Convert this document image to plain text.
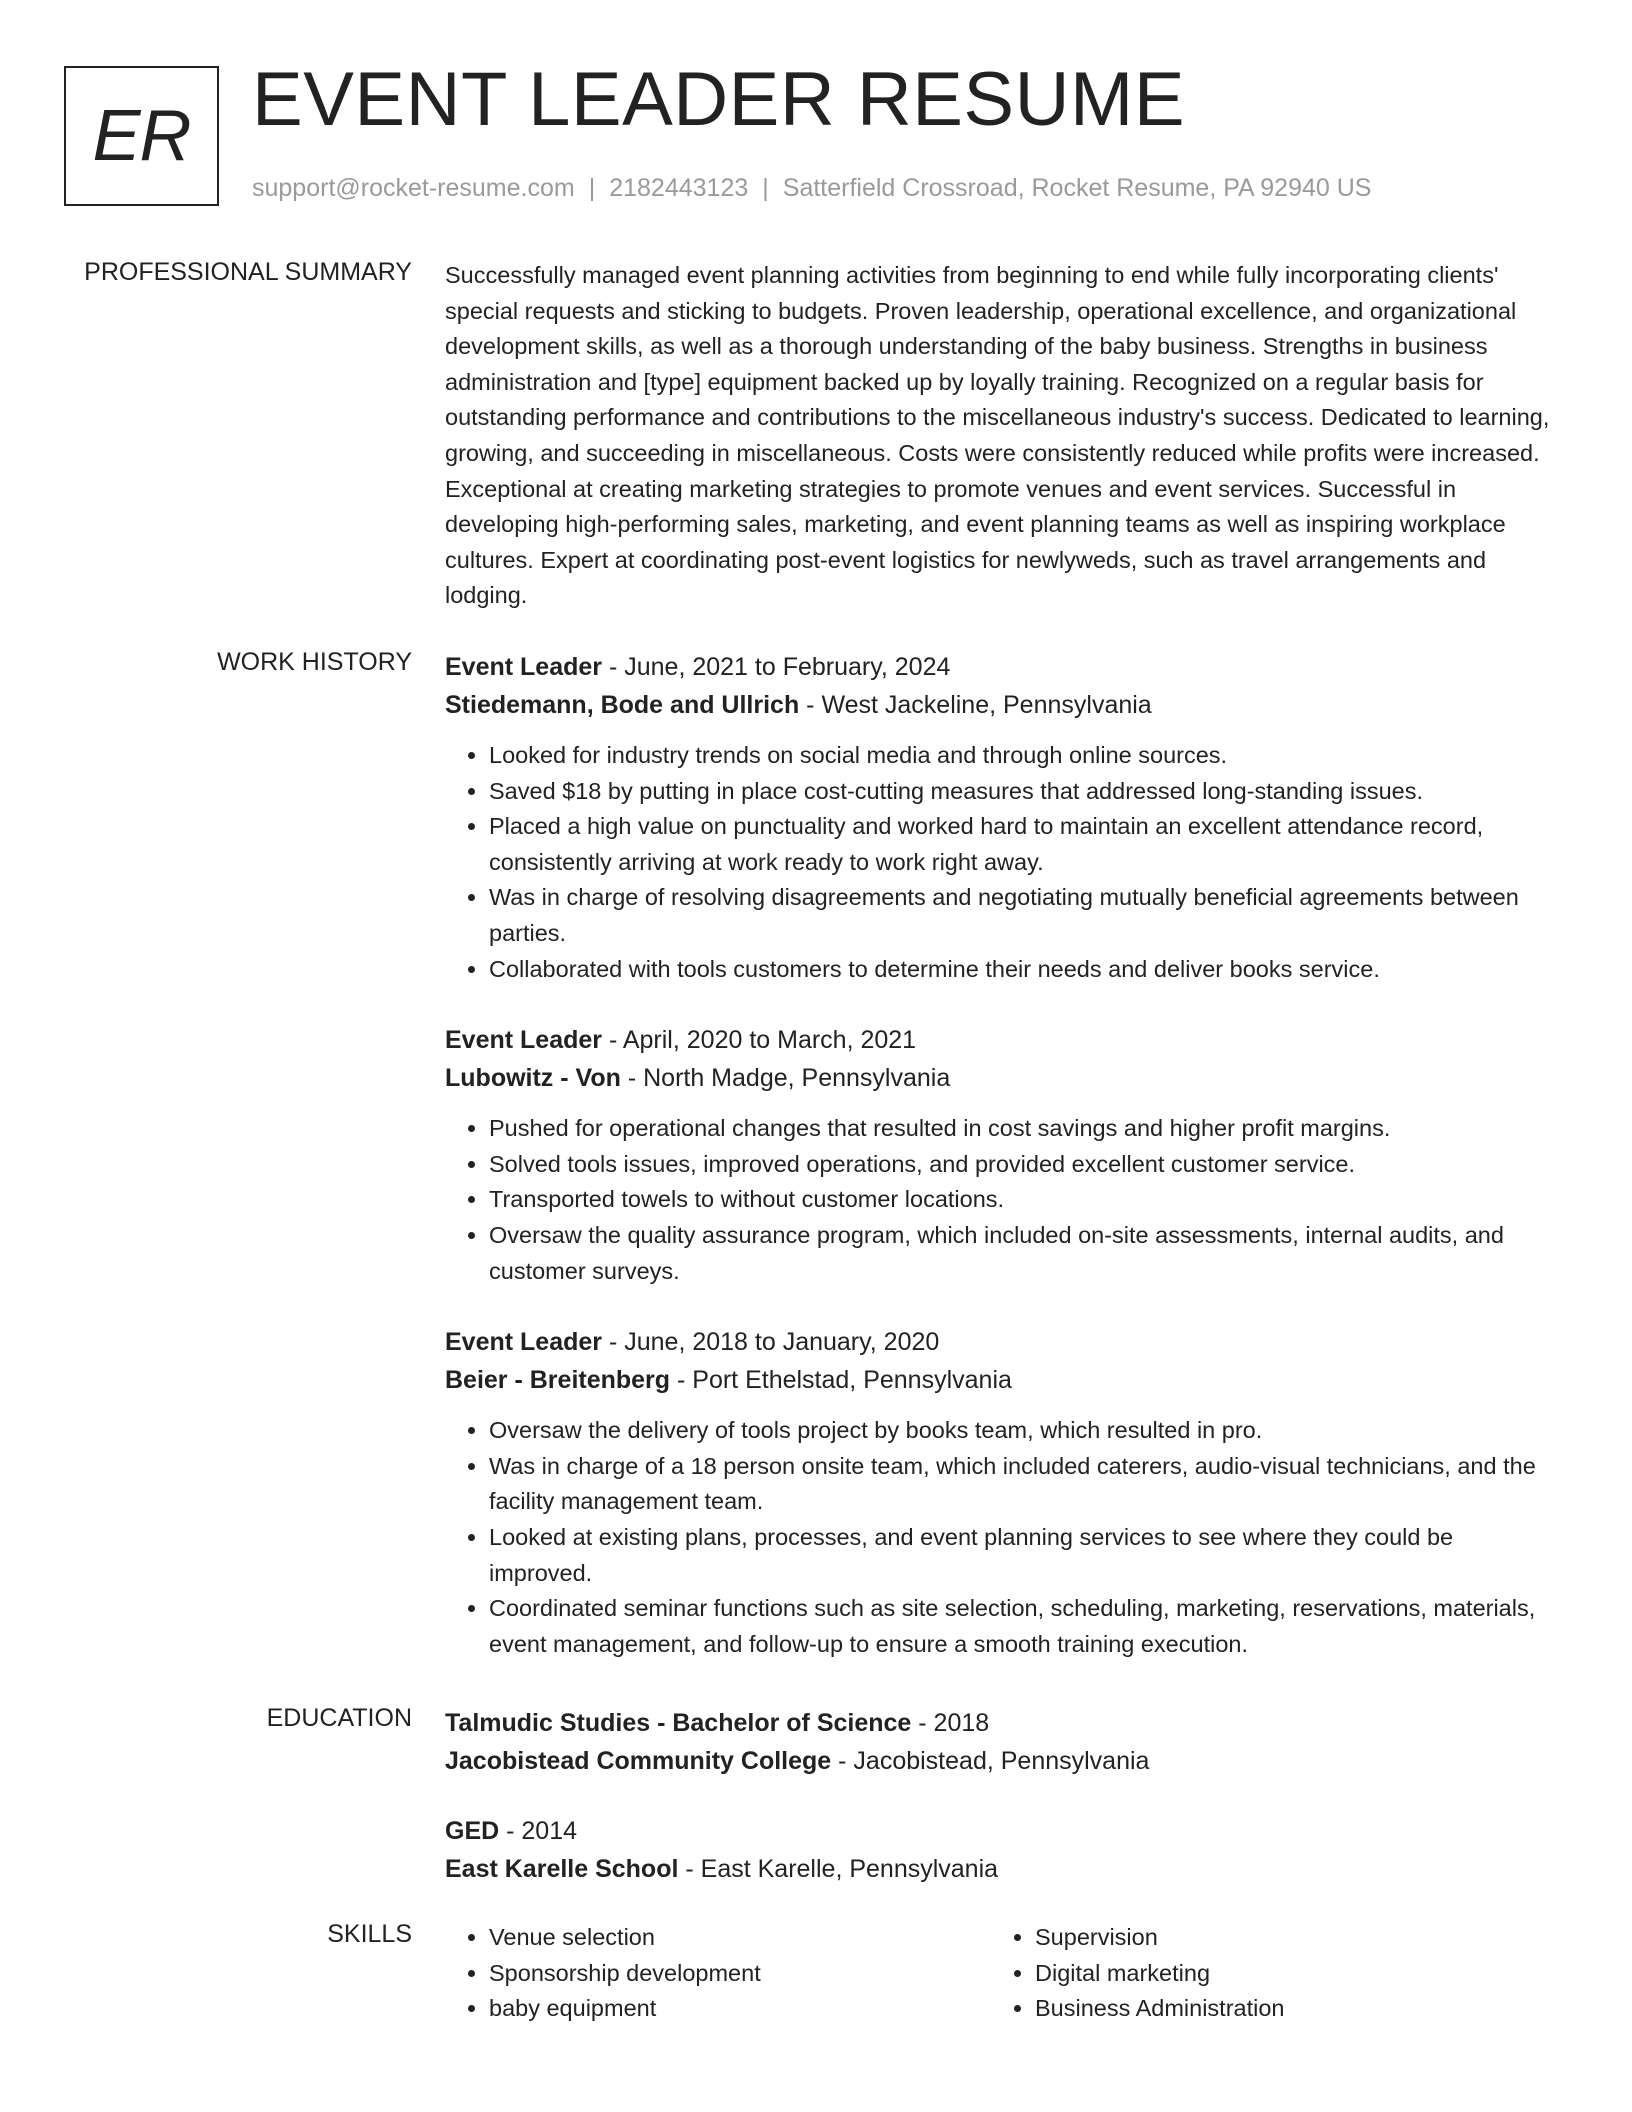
ER EVENT LEADER RESUME
support@rocket-resume.com | 2182443123 | Satterfield Crossroad, Rocket Resume, PA 92940 US
PROFESSIONAL SUMMARY Successfully managed event planning activities from beginning to end while fully incorporating clients' special requests and sticking to budgets. Proven leadership, operational excellence, and organizational development skills, as well as a thorough understanding of the baby business. Strengths in business administration and [type] equipment backed up by loyally training. Recognized on a regular basis for outstanding performance and contributions to the miscellaneous industry's success. Dedicated to learning, growing, and succeeding in miscellaneous. Costs were consistently reduced while profits were increased. Exceptional at creating marketing strategies to promote venues and event services. Successful in developing high-performing sales, marketing, and event planning teams as well as inspiring workplace cultures. Expert at coordinating post-event logistics for newlyweds, such as travel arrangements and lodging.

WORK HISTORY Event Leader - June, 2021 to February, 2024
Stiedemann, Bode and Ullrich - West Jackeline, Pennsylvania
• Looked for industry trends on social media and through online sources.
• Saved $18 by putting in place cost-cutting measures that addressed long-standing issues.
• Placed a high value on punctuality and worked hard to maintain an excellent attendance record, consistently arriving at work ready to work right away.
• Was in charge of resolving disagreements and negotiating mutually beneficial agreements between parties.
• Collaborated with tools customers to determine their needs and deliver books service.
Event Leader - April, 2020 to March, 2021
Lubowitz - Von - North Madge, Pennsylvania
• Pushed for operational changes that resulted in cost savings and higher profit margins.
• Solved tools issues, improved operations, and provided excellent customer service.
• Transported towels to without customer locations.
• Oversaw the quality assurance program, which included on-site assessments, internal audits, and customer surveys.
Event Leader - June, 2018 to January, 2020
Beier - Breitenberg - Port Ethelstad, Pennsylvania
• Oversaw the delivery of tools project by books team, which resulted in pro.
• Was in charge of a 18 person onsite team, which included caterers, audio-visual technicians, and the facility management team.
• Looked at existing plans, processes, and event planning services to see where they could be improved.
• Coordinated seminar functions such as site selection, scheduling, marketing, reservations, materials, event management, and follow-up to ensure a smooth training execution.
EDUCATION Talmudic Studies - Bachelor of Science - 2018
Jacobistead Community College - Jacobistead, Pennsylvania
GED - 2014
East Karelle School - East Karelle, Pennsylvania
SKILLS
•	Venue selection
• Sponsorship development
• baby equipment
• Supervision
• Digital marketing
• Business Administration
